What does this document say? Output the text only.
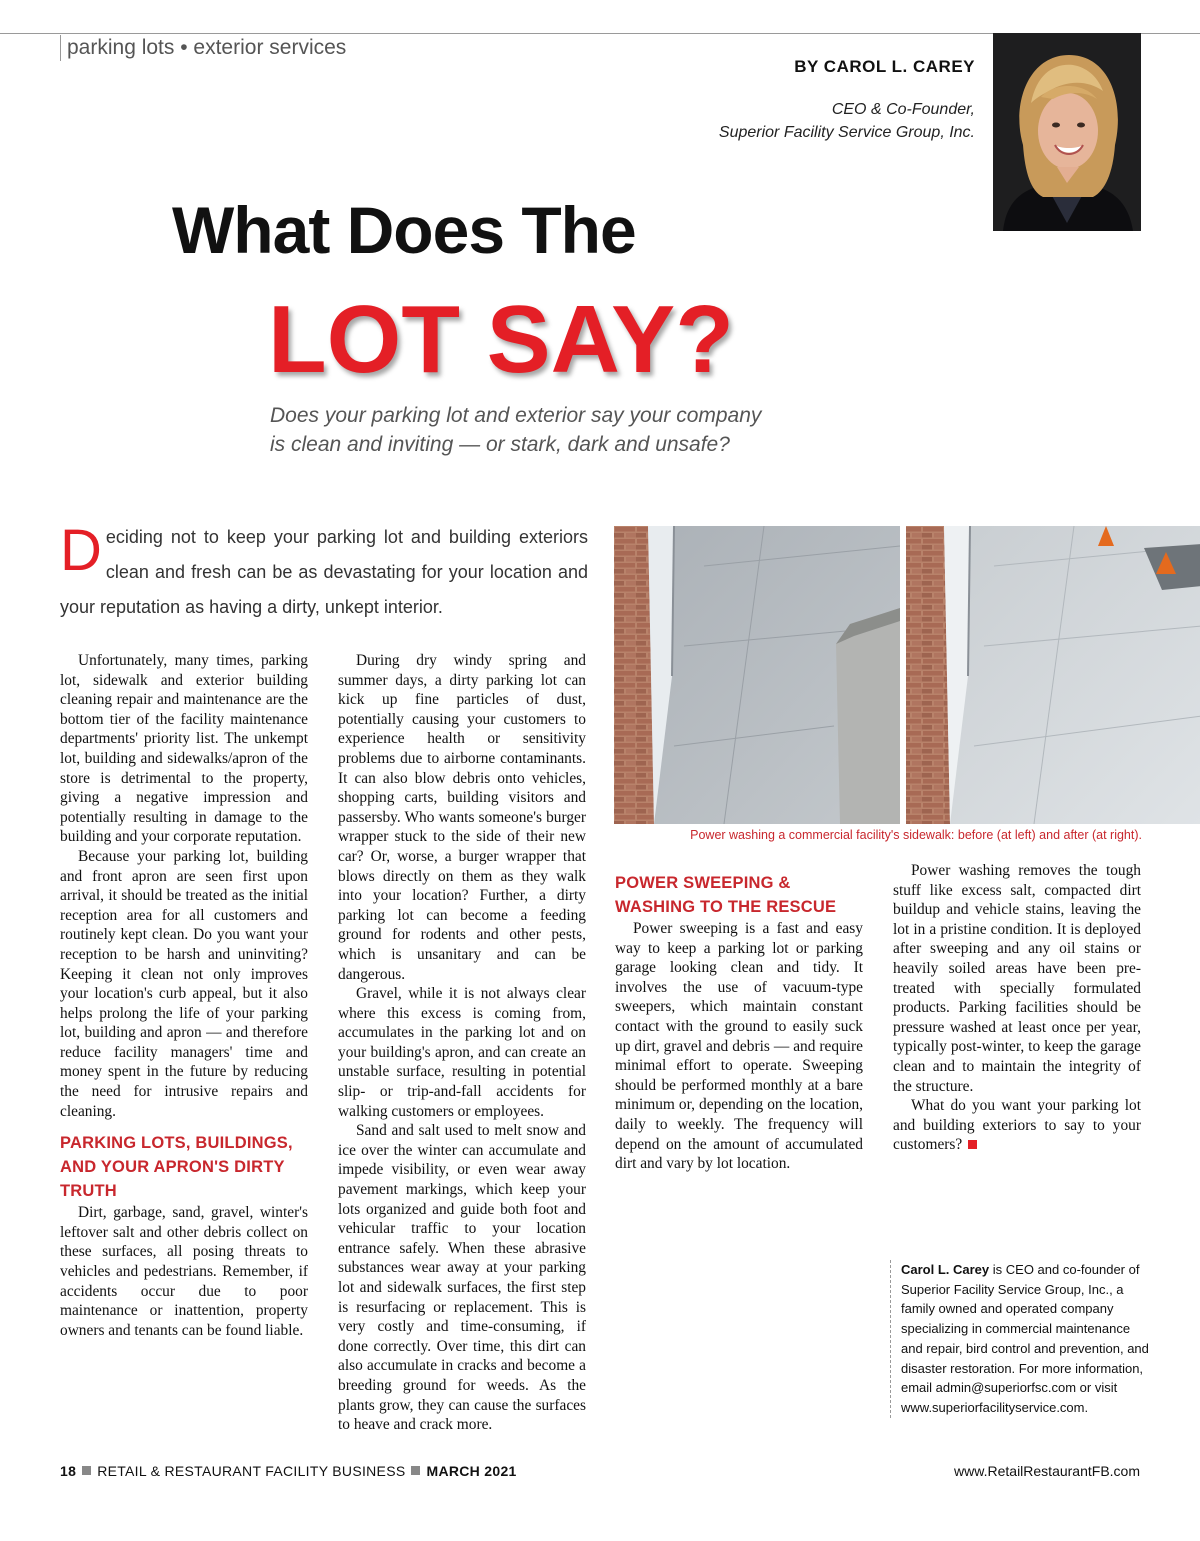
parking lots • exterior services
BY CAROL L. CAREY
CEO & Co-Founder,
Superior Facility Service Group, Inc.
What Does The
LOT SAY?
Does your parking lot and exterior say your company
is clean and inviting — or stark, dark and unsafe?
Deciding not to keep your parking lot and building exteriors clean and fresh can be as devastating for your location and your reputation as having a dirty, unkept interior.
Power washing a commercial facility's sidewalk: before (at left) and after (at right).

Unfortunately, many times, parking lot, sidewalk and exterior building cleaning repair and maintenance are the bottom tier of the facility maintenance departments' priority list. The unkempt lot, building and sidewalks/apron of the store is detrimental to the property, giving a negative impression and potentially resulting in damage to the building and your corporate reputation.

Because your parking lot, building and front apron are seen first upon arrival, it should be treated as the initial reception area for all customers and routinely kept clean. Do you want your reception to be harsh and uninviting? Keeping it clean not only improves your location's curb appeal, but it also helps prolong the life of your parking lot, building and apron — and therefore reduce facility managers' time and money spent in the future by reducing the need for intrusive repairs and cleaning.

PARKING LOTS, BUILDINGS, AND YOUR APRON'S DIRTY TRUTH

Dirt, garbage, sand, gravel, winter's leftover salt and other debris collect on these surfaces, all posing threats to vehicles and pedestrians. Remember, if accidents occur due to poor maintenance or inattention, property owners and tenants can be found liable.

During dry windy spring and summer days, a dirty parking lot can kick up fine particles of dust, potentially causing your customers to experience health or sensitivity problems due to airborne contaminants. It can also blow debris onto vehicles, shopping carts, building visitors and passersby. Who wants someone's burger wrapper stuck to the side of their new car? Or, worse, a burger wrapper that blows directly on them as they walk into your location? Further, a dirty parking lot can become a feeding ground for rodents and other pests, which is unsanitary and can be dangerous.

Gravel, while it is not always clear where this excess is coming from, accumulates in the parking lot and on your building's apron, and can create an unstable surface, resulting in potential slip- or trip-and-fall accidents for walking customers or employees.

Sand and salt used to melt snow and ice over the winter can accumulate and impede visibility, or even wear away pavement markings, which keep your lots organized and guide both foot and vehicular traffic to your location entrance safely. When these abrasive substances wear away at your parking lot and sidewalk surfaces, the first step is resurfacing or replacement. This is very costly and time-consuming, if done correctly. Over time, this dirt can also accumulate in cracks and become a breeding ground for weeds. As the plants grow, they can cause the surfaces to heave and crack more.

POWER SWEEPING & WASHING TO THE RESCUE

Power sweeping is a fast and easy way to keep a parking lot or parking garage looking clean and tidy. It involves the use of vacuum-type sweepers, which maintain constant contact with the ground to easily suck up dirt, gravel and debris — and require minimal effort to operate. Sweeping should be performed monthly at a bare minimum or, depending on the location, daily to weekly. The frequency will depend on the amount of accumulated dirt and vary by lot location.

Power washing removes the tough stuff like excess salt, compacted dirt buildup and vehicle stains, leaving the lot in a pristine condition. It is deployed after sweeping and any oil stains or heavily soiled areas have been pre-treated with specially formulated products. Parking facilities should be pressure washed at least once per year, typically post-winter, to keep the garage clean and to maintain the integrity of the structure.

What do you want your parking lot and building exteriors to say to your customers?

Carol L. Carey is CEO and co-founder of Superior Facility Service Group, Inc., a family owned and operated company specializing in commercial maintenance and repair, bird control and prevention, and disaster restoration. For more information, email admin@superiorfsc.com or visit www.superiorfacilityservice.com.
18 RETAIL & RESTAURANT FACILITY BUSINESS MARCH 2021	www.RetailRestaurantFB.com
